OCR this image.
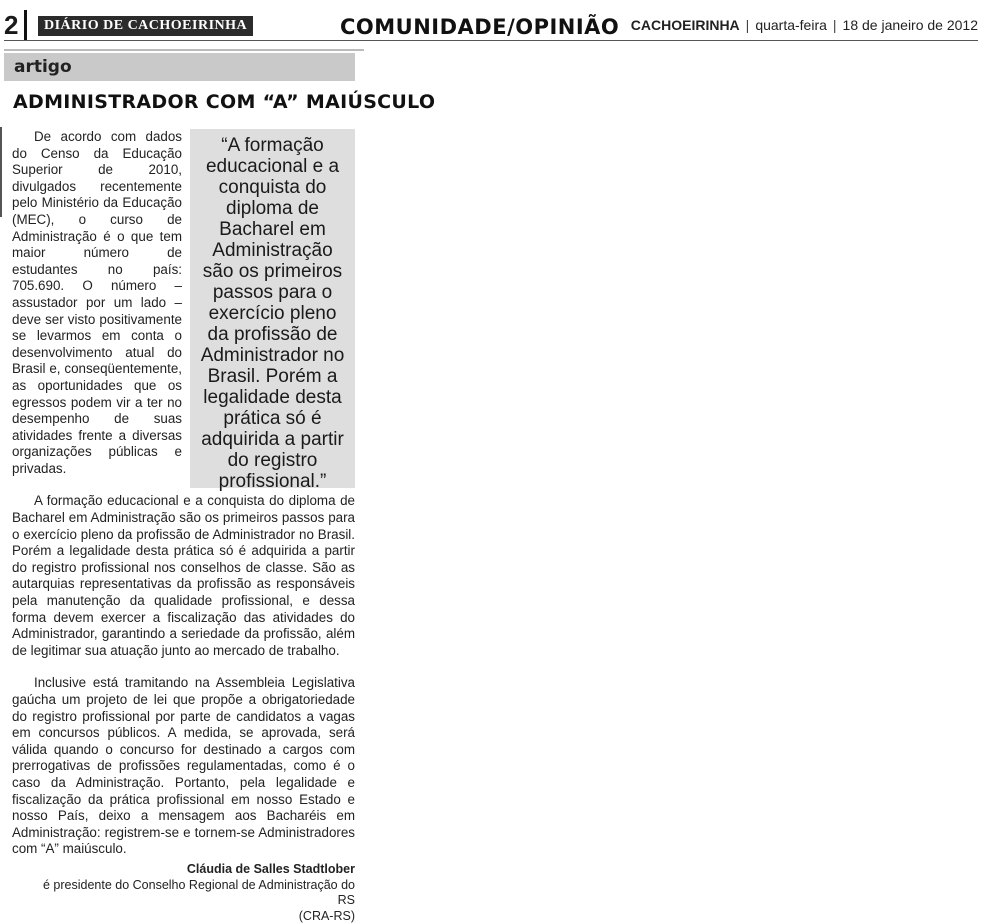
2	DIÁRIO DE CACHOEIRINHA	COMUNIDADE/OPINIÃO CACHOEIRINHA | quarta-feira | 18 de janeiro de 2012
artigo
ADMINISTRADOR COM “A” MAIÚSCULO
“A formação educacional e a conquista do diploma de Bacharel em Administração são os primeiros passos para o exercício pleno da profissão de Administrador no Brasil. Porém a legalidade desta prática só é adquirida a partir do registro profissional.”

De acordo com dados do Censo da Educação Superior de 2010, divulgados recentemente pelo Ministério da Educação (MEC), o curso de Administração é o que tem maior número de estudantes no país: 705.690. O número – assustador por um lado – deve ser visto positivamente se levarmos em conta o desenvolvimento atual do Brasil e, conseqüentemente, as oportunidades que os egressos podem vir a ter no desempenho de suas atividades frente a diversas organizações públicas e privadas.

A formação educacional e a conquista do diploma de Bacharel em Administração são os primeiros passos para o exercício pleno da profissão de Administrador no Brasil. Porém a legalidade desta prática só é adquirida a partir do registro profissional nos conselhos de classe. São as autarquias representativas da profissão as responsáveis pela manutenção da qualidade profissional, e dessa forma devem exercer a fiscalização das atividades do Administrador, garantindo a seriedade da profissão, além de legitimar sua atuação junto ao mercado de trabalho.

Inclusive está tramitando na Assembleia Legislativa gaúcha um projeto de lei que propõe a obrigatoriedade do registro profissional por parte de candidatos a vagas em concursos públicos. A medida, se aprovada, será válida quando o concurso for destinado a cargos com prerrogativas de profissões regulamentadas, como é o caso da Administração. Portanto, pela legalidade e fiscalização da prática profissional em nosso Estado e nosso País, deixo a mensagem aos Bacharéis em Administração: registrem-se e tornem-se Administradores com “A” maiúsculo.

Cláudia de Salles Stadtlober
é presidente do Conselho Regional de Administração do RS
(CRA-RS)
